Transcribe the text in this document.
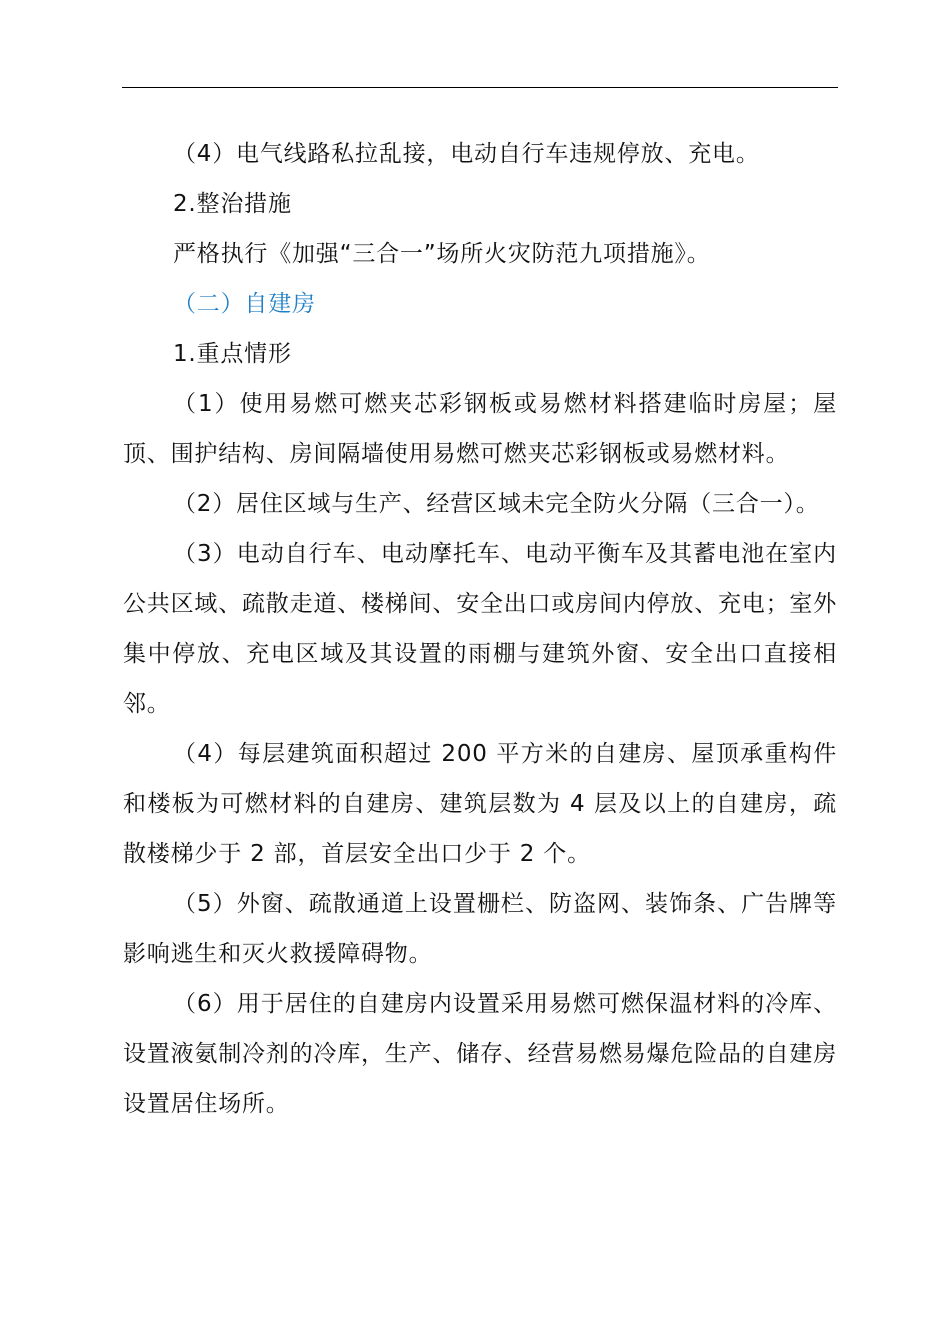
（4）电气线路私拉乱接，电动自行车违规停放、充电。

2.整治措施

严格执行《加强“三合一”场所火灾防范九项措施》。

（二）自建房

1.重点情形

（1）使用易燃可燃夹芯彩钢板或易燃材料搭建临时房屋；屋顶、围护结构、房间隔墙使用易燃可燃夹芯彩钢板或易燃材料。

（2）居住区域与生产、经营区域未完全防火分隔（三合一）。

（3）电动自行车、电动摩托车、电动平衡车及其蓄电池在室内公共区域、疏散走道、楼梯间、安全出口或房间内停放、充电；室外集中停放、充电区域及其设置的雨棚与建筑外窗、安全出口直接相邻。

（4）每层建筑面积超过 200 平方米的自建房、屋顶承重构件和楼板为可燃材料的自建房、建筑层数为 4 层及以上的自建房，疏散楼梯少于 2 部，首层安全出口少于 2 个。

（5）外窗、疏散通道上设置栅栏、防盗网、装饰条、广告牌等影响逃生和灭火救援障碍物。

（6）用于居住的自建房内设置采用易燃可燃保温材料的冷库、设置液氨制冷剂的冷库，生产、储存、经营易燃易爆危险品的自建房设置居住场所。
